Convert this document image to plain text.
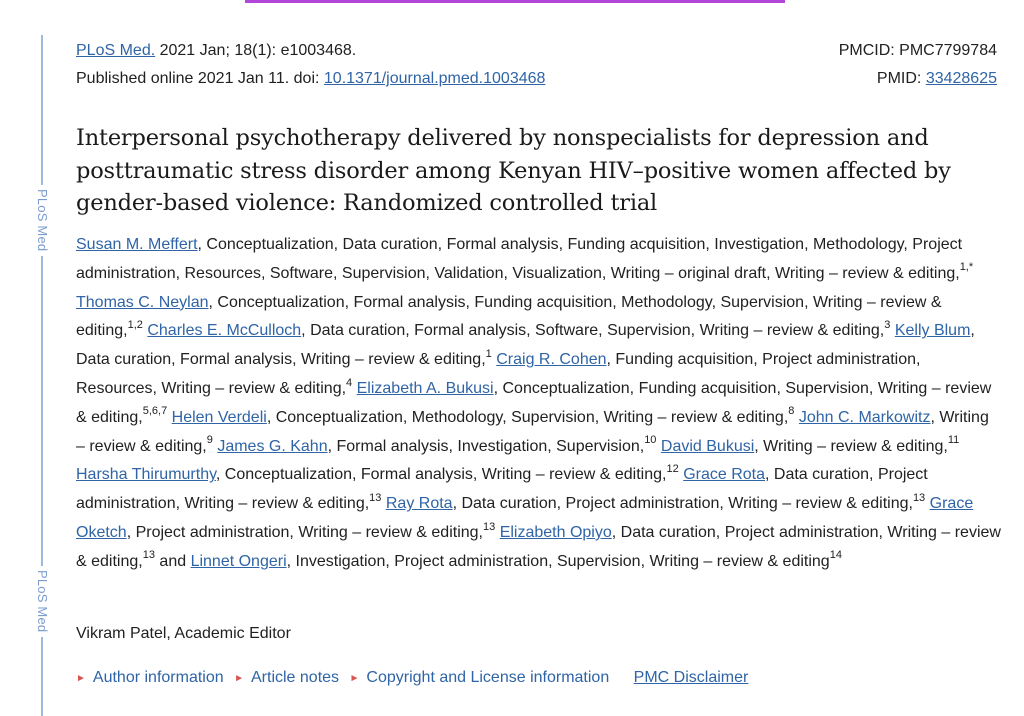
PLoS Med
PLoS Med
PLoS Med. 2021 Jan; 18(1): e1003468.
Published online 2021 Jan 11. doi: 10.1371/journal.pmed.1003468
PMCID: PMC7799784
PMID: 33428625
Interpersonal psychotherapy delivered by nonspecialists for depression and posttraumatic stress disorder among Kenyan HIV–positive women affected by gender-based violence: Randomized controlled trial
Susan M. Meffert, Conceptualization, Data curation, Formal analysis, Funding acquisition, Investigation, Methodology, Project administration, Resources, Software, Supervision, Validation, Visualization, Writing – original draft, Writing – review & editing,$^{1,*}$ Thomas C. Neylan, Conceptualization, Formal analysis, Funding acquisition, Methodology, Supervision, Writing – review & editing,$^{1,2}$ Charles E. McCulloch, Data curation, Formal analysis, Software, Supervision, Writing – review & editing,$^3$ Kelly Blum, Data curation, Formal analysis, Writing – review & editing,$^1$ Craig R. Cohen, Funding acquisition, Project administration, Resources, Writing – review & editing,$^4$ Elizabeth A. Bukusi, Conceptualization, Funding acquisition, Supervision, Writing – review & editing,$^{5,6,7}$ Helen Verdeli, Conceptualization, Methodology, Supervision, Writing – review & editing,$^8$ John C. Markowitz, Writing – review & editing,$^9$ James G. Kahn, Formal analysis, Investigation, Supervision,$^{10}$ David Bukusi, Writing – review & editing,$^{11}$ Harsha Thirumurthy, Conceptualization, Formal analysis, Writing – review & editing,$^{12}$ Grace Rota, Data curation, Project administration, Writing – review & editing,$^{13}$ Ray Rota, Data curation, Project administration, Writing – review & editing,$^{13}$ Grace Oketch, Project administration, Writing – review & editing,$^{13}$ Elizabeth Opiyo, Data curation, Project administration, Writing – review & editing,$^{13}$ and Linnet Ongeri, Investigation, Project administration, Supervision, Writing – review & editing$^{14}$
Vikram Patel, Academic Editor
► Author information ► Article notes ► Copyright and License information PMC Disclaimer
